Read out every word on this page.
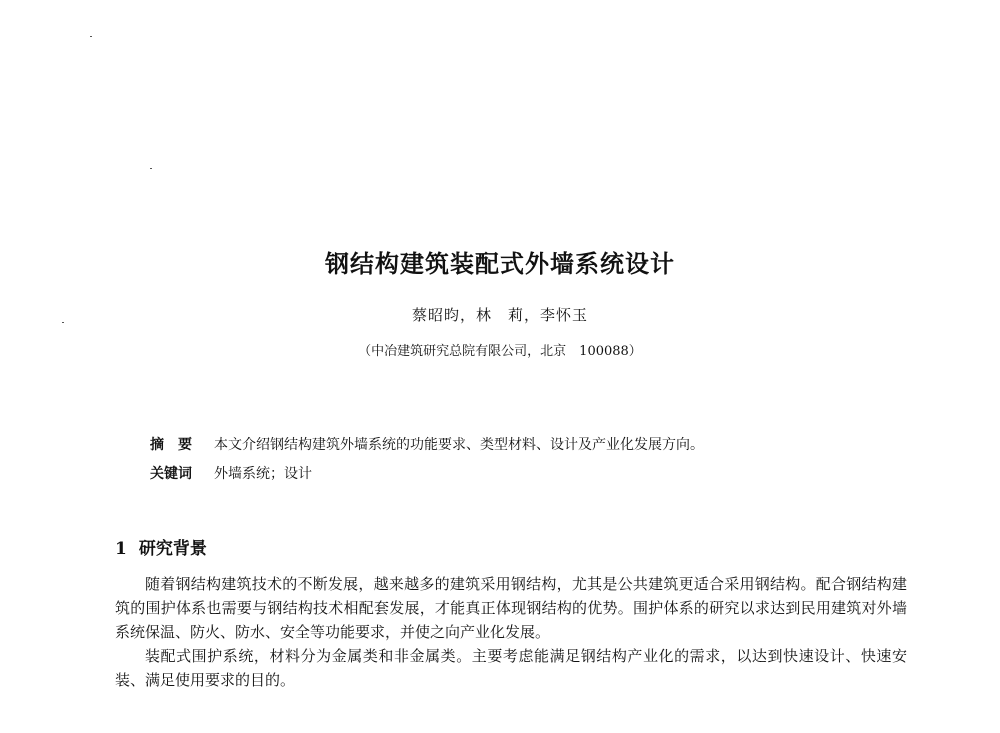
钢结构建筑装配式外墙系统设计
蔡昭昀，林　莉，李怀玉
（中冶建筑研究总院有限公司，北京　100088）
摘　要 本文介绍钢结构建筑外墙系统的功能要求、类型材料、设计及产业化发展方向。
关键词 外墙系统；设计
1 研究背景

随着钢结构建筑技术的不断发展，越来越多的建筑采用钢结构，尤其是公共建筑更适合采用钢结构。配合钢结构建筑的围护体系也需要与钢结构技术相配套发展，才能真正体现钢结构的优势。围护体系的研究以求达到民用建筑对外墙系统保温、防火、防水、安全等功能要求，并使之向产业化发展。

装配式围护系统，材料分为金属类和非金属类。主要考虑能满足钢结构产业化的需求，以达到快速设计、快速安装、满足使用要求的目的。
